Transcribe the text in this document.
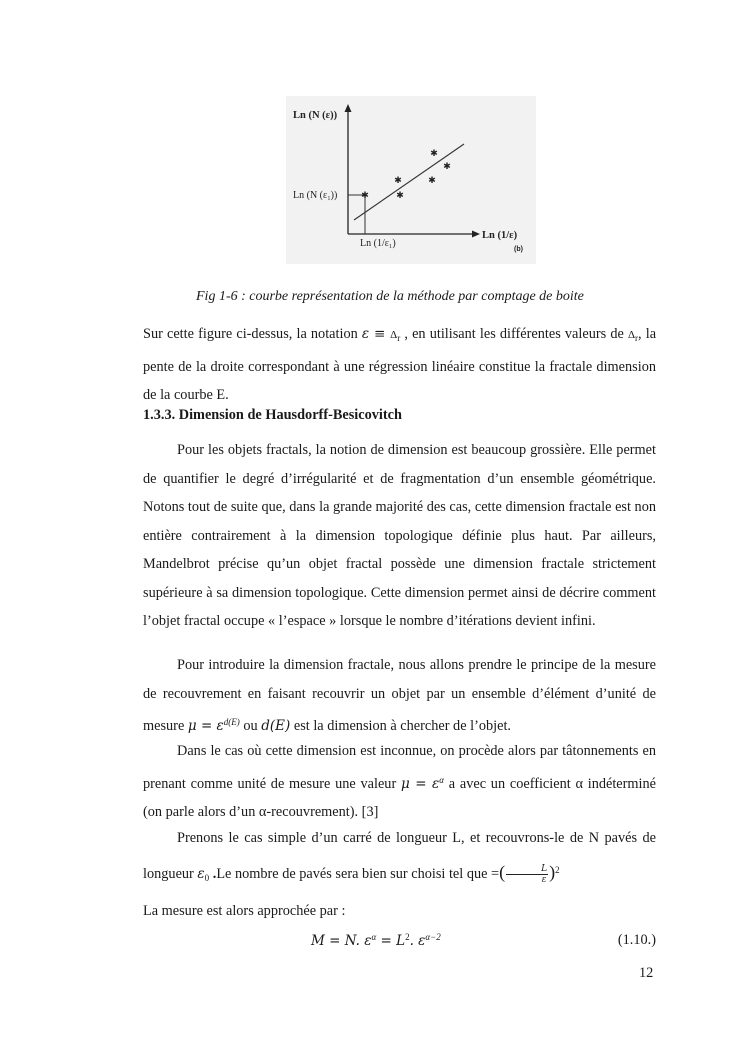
✱
✱
✱
✱
✱
✱
Ln (N (ε))
Ln (N (ε₁))
Ln (1/ε)
Ln (1/ε₁)
(b)
Fig 1-6 : courbe représentation de la méthode par comptage de boite

Sur cette figure ci-dessus, la notation $\varepsilon \equiv \Delta_r$ , en utilisant les différentes valeurs de $\Delta_r$, la pente de la droite correspondant à une régression linéaire constitue la fractale dimension de la courbe E.

1.3.3. Dimension de Hausdorff-Besicovitch

Pour les objets fractals, la notion de dimension est beaucoup grossière. Elle permet de quantifier le degré d’irrégularité et de fragmentation d’un ensemble géométrique. Notons tout de suite que, dans la grande majorité des cas, cette dimension fractale est non entière contrairement à la dimension topologique définie plus haut. Par ailleurs, Mandelbrot précise qu’un objet fractal possède une dimension fractale strictement supérieure à sa dimension topologique. Cette dimension permet ainsi de décrire comment l’objet fractal occupe « l’espace » lorsque le nombre d’itérations devient infini.

Pour introduire la dimension fractale, nous allons prendre le principe de la mesure de recouvrement en faisant recouvrir un objet par un ensemble d’élément d’unité de mesure $\mu = \varepsilon^{d(E)}$ ou d(E) est la dimension à chercher de l’objet.

Dans le cas où cette dimension est inconnue, on procède alors par tâtonnements en prenant comme unité de mesure une valeur $\mu = \varepsilon^\alpha$ a avec un coefficient α indéterminé (on parle alors d’un α-recouvrement). [3]

Prenons le cas simple d’un carré de longueur L, et recouvrons-le de N pavés de longueur $\varepsilon_0$ .Le nombre de pavés sera bien sur choisi tel que =( $\frac{L}{\varepsilon} )^2$

La mesure est alors approchée par :

M = N. $\varepsilon^\alpha = L^2$. $\varepsilon^{\alpha-2}$	(1.10.)
12
